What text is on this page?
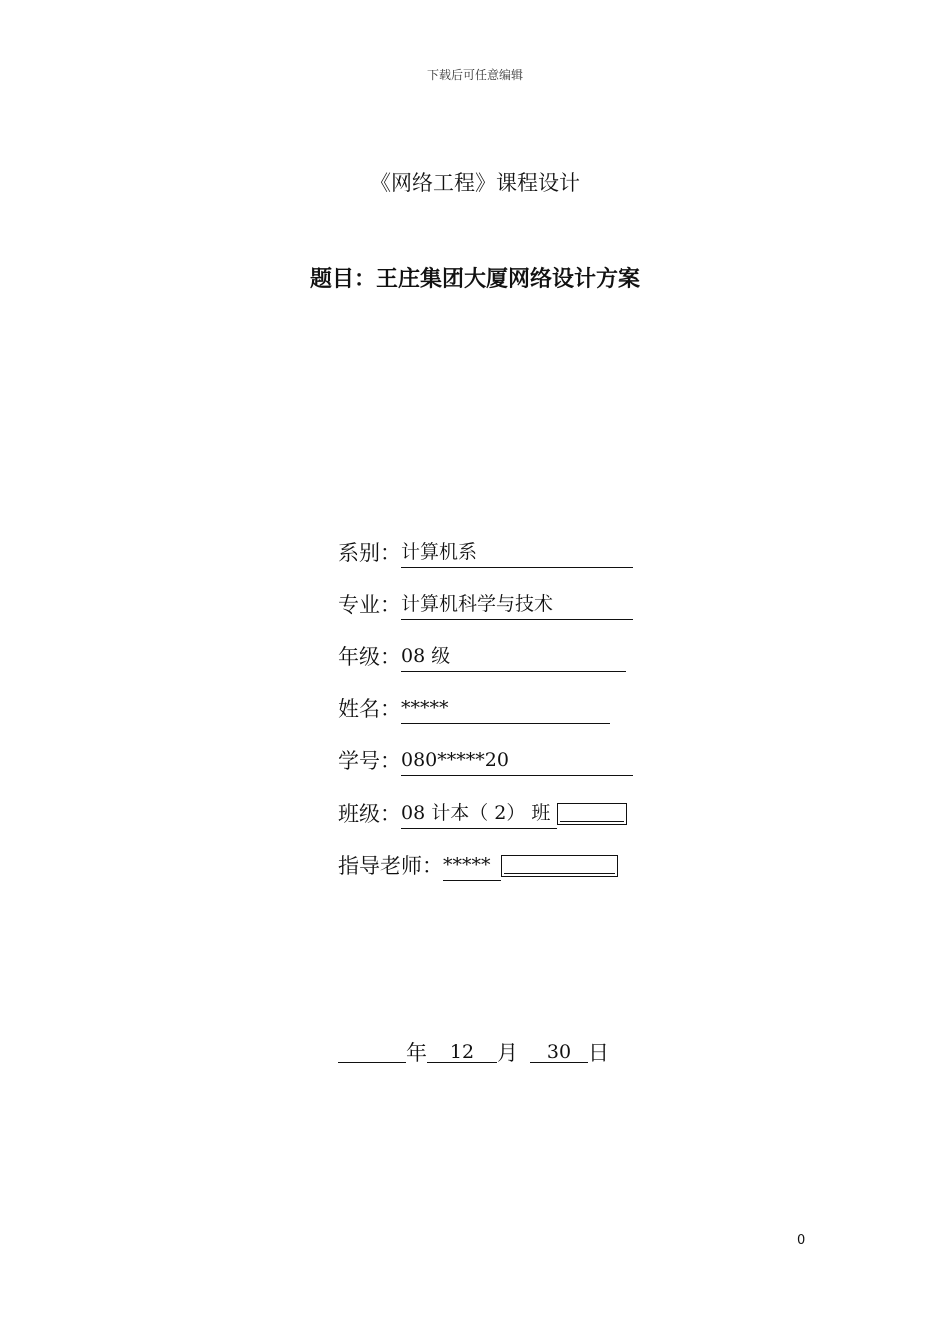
下载后可任意编辑
《网络工程》课程设计
题目：王庄集团大厦网络设计方案
系别：计算机系
专业：计算机科学与技术
年级：08 级
姓名：*****
学号：080*****20
班级：08 计本（ 2） 班
指导老师：*****
年 12 月 30 日
0
